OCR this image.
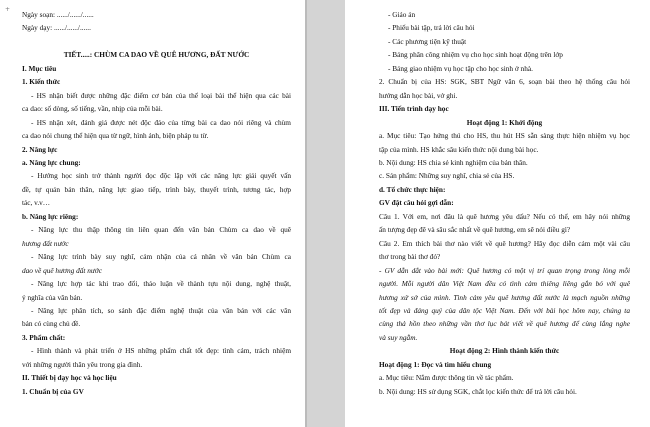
Ngày soạn: ....../....../......
Ngày dạy: ....../....../......

TIẾT.....: CHÙM CA DAO VỀ QUÊ HƯƠNG, ĐẤT NƯỚC
I. Mục tiêu
1. Kiến thức
- HS nhận biết được những đặc điểm cơ bản của thể loại bài thể hiện qua các bài
ca dao: số dòng, số tiếng, vần, nhịp của mỗi bài.
- HS nhận xét, đánh giá được nét độc đáo của từng bài ca dao nói riêng và chùm
ca dao nói chung thể hiện qua từ ngữ, hình ảnh, biện pháp tu từ.
2. Năng lực
a. Năng lực chung:
- Hướng học sinh trở thành người đọc độc lập với các năng lực giải quyết vấn
đề, tự quản bản thân, năng lực giao tiếp, trình bày, thuyết trình, tương tác, hợp
tác, v.v…
b. Năng lực riêng:
- Năng lực thu thập thông tin liên quan đến văn bản Chùm ca dao về quê
hương đất nước
- Năng lực trình bày suy nghĩ, cảm nhận của cá nhân về văn bản Chùm ca
dao về quê hương đất nước
- Năng lực hợp tác khi trao đổi, thảo luận về thành tựu nội dung, nghệ thuật,
ý nghĩa của văn bản.
- Năng lực phân tích, so sánh đặc điểm nghệ thuật của văn bản với các văn
bản có cùng chủ đề.
3. Phẩm chất:
- Hình thành và phát triển ở HS những phẩm chất tốt đẹp: tình cảm, trách nhiệm
với những người thân yêu trong gia đình.
II. Thiết bị dạy học và học liệu
1. Chuẩn bị của GV
+
- Giáo án
- Phiếu bài tập, trả lời câu hỏi
- Các phương tiện kỹ thuật
- Bảng phân công nhiệm vụ cho học sinh hoạt động trên lớp
- Bảng giao nhiệm vụ học tập cho học sinh ở nhà.
2. Chuẩn bị của HS: SGK, SBT Ngữ văn 6, soạn bài theo hệ thống câu hỏi
hướng dẫn học bài, vở ghi.
III. Tiến trình dạy học
Hoạt động 1: Khởi động
a. Mục tiêu: Tạo hứng thú cho HS, thu hút HS sẵn sàng thực hiện nhiệm vụ học
tập của mình. HS khắc sâu kiến thức nội dung bài học.
b. Nội dung: HS chia sẻ kinh nghiệm của bản thân.
c. Sản phẩm: Những suy nghĩ, chia sẻ của HS.
d. Tổ chức thực hiện:
GV đặt câu hỏi gợi dẫn:
Câu 1. Với em, nơi đâu là quê hương yêu dấu? Nếu có thể, em hãy nói những
ấn tượng đẹp đẽ và sâu sắc nhất về quê hương, em sẽ nói điều gì?
Câu 2. Em thích bài thơ nào viết về quê hương? Hãy đọc diễn cảm một vài câu
thơ trong bài thơ đó?
- GV dẫn dắt vào bài mới: Quê hương có một vị trí quan trọng trong lòng mỗi
người. Mỗi người dân Việt Nam đều có tình cảm thiêng liêng gắn bó với quê
hương xứ sở của mình. Tình cảm yêu quê hương đất nước là mạch nguồn những
tốt đẹp và đáng quý của dân tộc Việt Nam. Đến với bài học hôm nay, chúng ta
cùng thả hồn theo những vần thơ lục bát viết về quê hương để cùng lắng nghe
và suy ngẫm.
Hoạt động 2: Hình thành kiến thức
Hoạt động 1: Đọc và tìm hiểu chung
a. Mục tiêu: Nắm được thông tin về tác phẩm.
b. Nội dung: HS sử dụng SGK, chắt lọc kiến thức để trả lời câu hỏi.
